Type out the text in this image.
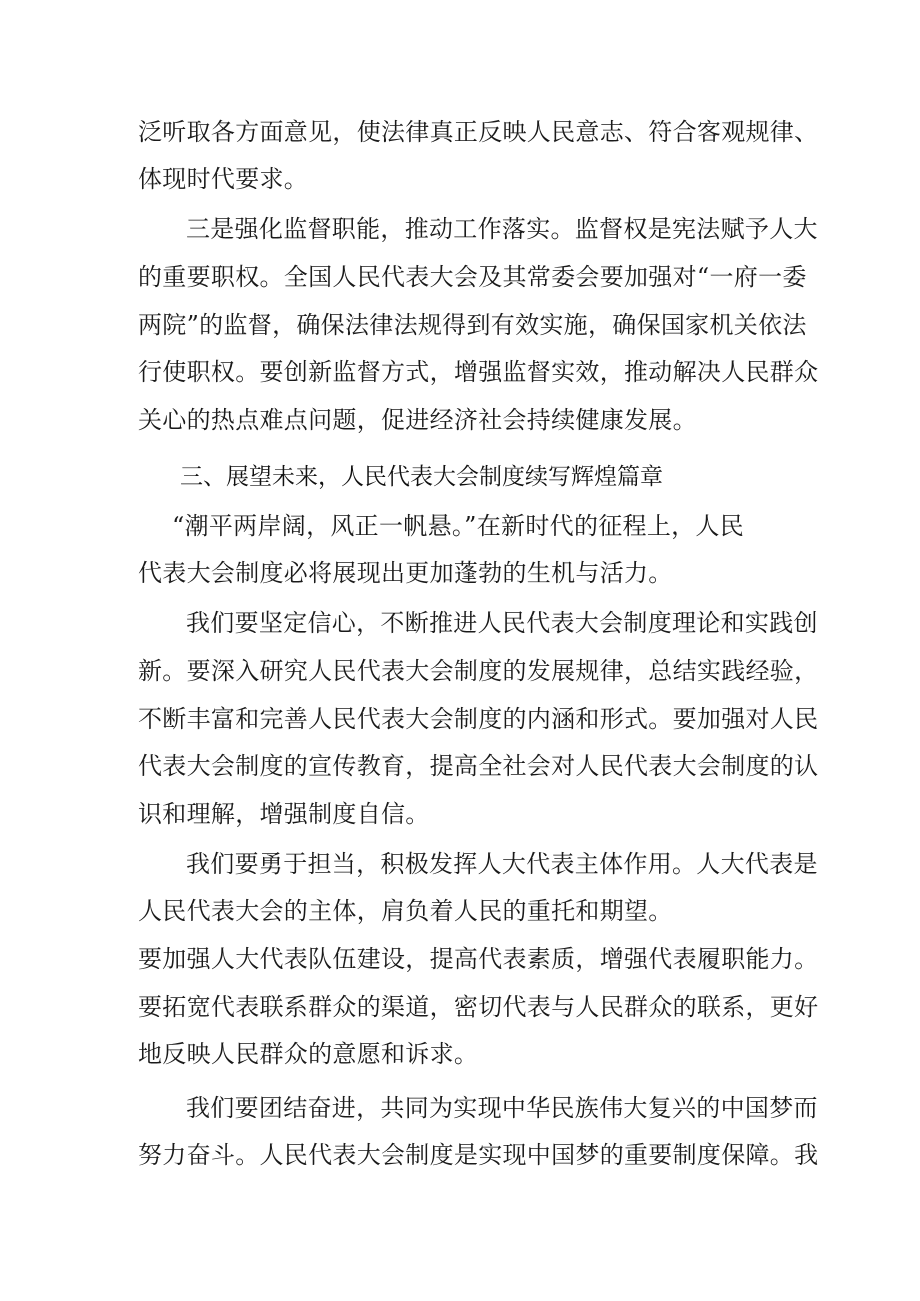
泛听取各方面意见，使法律真正反映人民意志、符合客观规律、
体现时代要求。
三是强化监督职能，推动工作落实。监督权是宪法赋予人大
的重要职权。全国人民代表大会及其常委会要加强对“一府一委
两院”的监督，确保法律法规得到有效实施，确保国家机关依法
行使职权。要创新监督方式，增强监督实效，推动解决人民群众
关心的热点难点问题，促进经济社会持续健康发展。
三、展望未来，人民代表大会制度续写辉煌篇章
“潮平两岸阔，风正一帆悬。”在新时代的征程上，人民
代表大会制度必将展现出更加蓬勃的生机与活力。
我们要坚定信心，不断推进人民代表大会制度理论和实践创
新。要深入研究人民代表大会制度的发展规律，总结实践经验，
不断丰富和完善人民代表大会制度的内涵和形式。要加强对人民
代表大会制度的宣传教育，提高全社会对人民代表大会制度的认
识和理解，增强制度自信。
我们要勇于担当，积极发挥人大代表主体作用。人大代表是
人民代表大会的主体，肩负着人民的重托和期望。
要加强人大代表队伍建设，提高代表素质，增强代表履职能力。
要拓宽代表联系群众的渠道，密切代表与人民群众的联系，更好
地反映人民群众的意愿和诉求。
我们要团结奋进，共同为实现中华民族伟大复兴的中国梦而
努力奋斗。人民代表大会制度是实现中国梦的重要制度保障。我
